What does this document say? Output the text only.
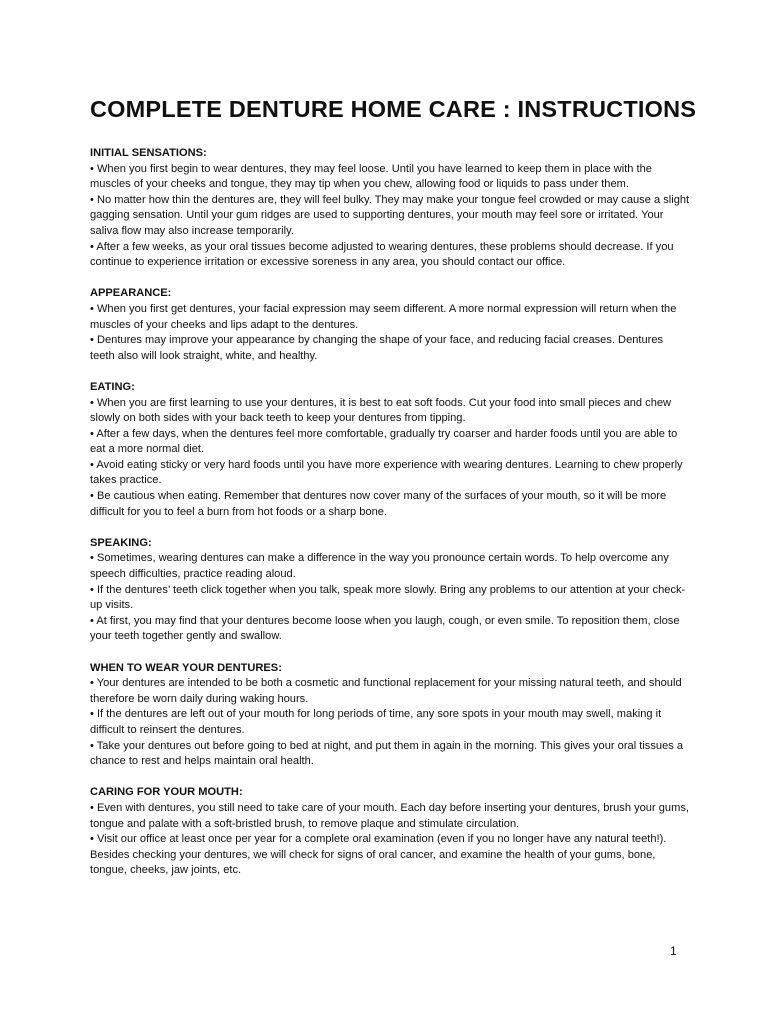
COMPLETE DENTURE HOME CARE : INSTRUCTIONS

INITIAL SENSATIONS:

• When you first begin to wear dentures, they may feel loose. Until you have learned to keep them in place with the muscles of your cheeks and tongue, they may tip when you chew, allowing food or liquids to pass under them.

• No matter how thin the dentures are, they will feel bulky. They may make your tongue feel crowded or may cause a slight gagging sensation. Until your gum ridges are used to supporting dentures, your mouth may feel sore or irritated. Your saliva flow may also increase temporarily.

• After a few weeks, as your oral tissues become adjusted to wearing dentures, these problems should decrease. If you continue to experience irritation or excessive soreness in any area, you should contact our office.

APPEARANCE:

• When you first get dentures, your facial expression may seem different. A more normal expression will return when the muscles of your cheeks and lips adapt to the dentures.

• Dentures may improve your appearance by changing the shape of your face, and reducing facial creases. Dentures teeth also will look straight, white, and healthy.

EATING:

• When you are first learning to use your dentures, it is best to eat soft foods. Cut your food into small pieces and chew slowly on both sides with your back teeth to keep your dentures from tipping.

• After a few days, when the dentures feel more comfortable, gradually try coarser and harder foods until you are able to eat a more normal diet.

• Avoid eating sticky or very hard foods until you have more experience with wearing dentures. Learning to chew properly takes practice.

• Be cautious when eating. Remember that dentures now cover many of the surfaces of your mouth, so it will be more difficult for you to feel a burn from hot foods or a sharp bone.

SPEAKING:

• Sometimes, wearing dentures can make a difference in the way you pronounce certain words. To help overcome any speech difficulties, practice reading aloud.

• If the dentures’ teeth click together when you talk, speak more slowly. Bring any problems to our attention at your check-up visits.

• At first, you may find that your dentures become loose when you laugh, cough, or even smile. To reposition them, close your teeth together gently and swallow.

WHEN TO WEAR YOUR DENTURES:

• Your dentures are intended to be both a cosmetic and functional replacement for your missing natural teeth, and should therefore be worn daily during waking hours.

• If the dentures are left out of your mouth for long periods of time, any sore spots in your mouth may swell, making it difficult to reinsert the dentures.

• Take your dentures out before going to bed at night, and put them in again in the morning. This gives your oral tissues a chance to rest and helps maintain oral health.

CARING FOR YOUR MOUTH:

• Even with dentures, you still need to take care of your mouth. Each day before inserting your dentures, brush your gums, tongue and palate with a soft-bristled brush, to remove plaque and stimulate circulation.

• Visit our office at least once per year for a complete oral examination (even if you no longer have any natural teeth!). Besides checking your dentures, we will check for signs of oral cancer, and examine the health of your gums, bone, tongue, cheeks, jaw joints, etc.

1
